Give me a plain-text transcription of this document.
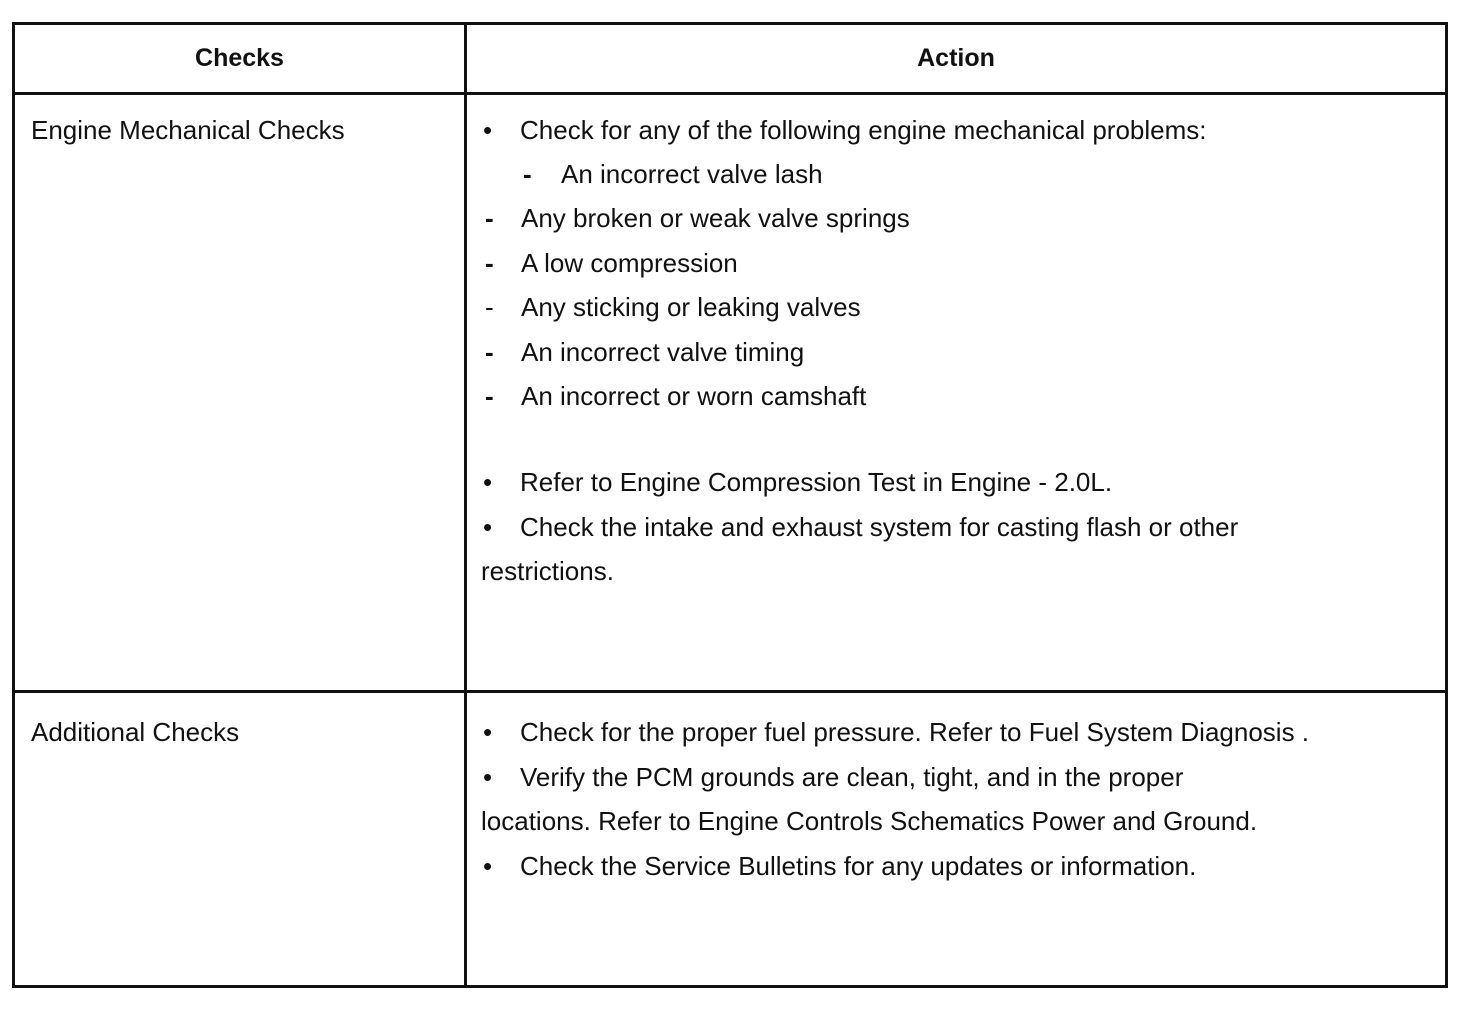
Checks	Action
Engine Mechanical Checks	• Check for any of the following engine mechanical problems:
- An incorrect valve lash
- Any broken or weak valve springs
- A low compression
- Any sticking or leaking valves
- An incorrect valve timing
- An incorrect or worn camshaft
• Refer to Engine Compression Test in Engine - 2.0L.
• Check the intake and exhaust system for casting flash or other
restrictions.
Additional Checks	• Check for the proper fuel pressure. Refer to Fuel System Diagnosis .
• Verify the PCM grounds are clean, tight, and in the proper
locations. Refer to Engine Controls Schematics Power and Ground.
• Check the Service Bulletins for any updates or information.
